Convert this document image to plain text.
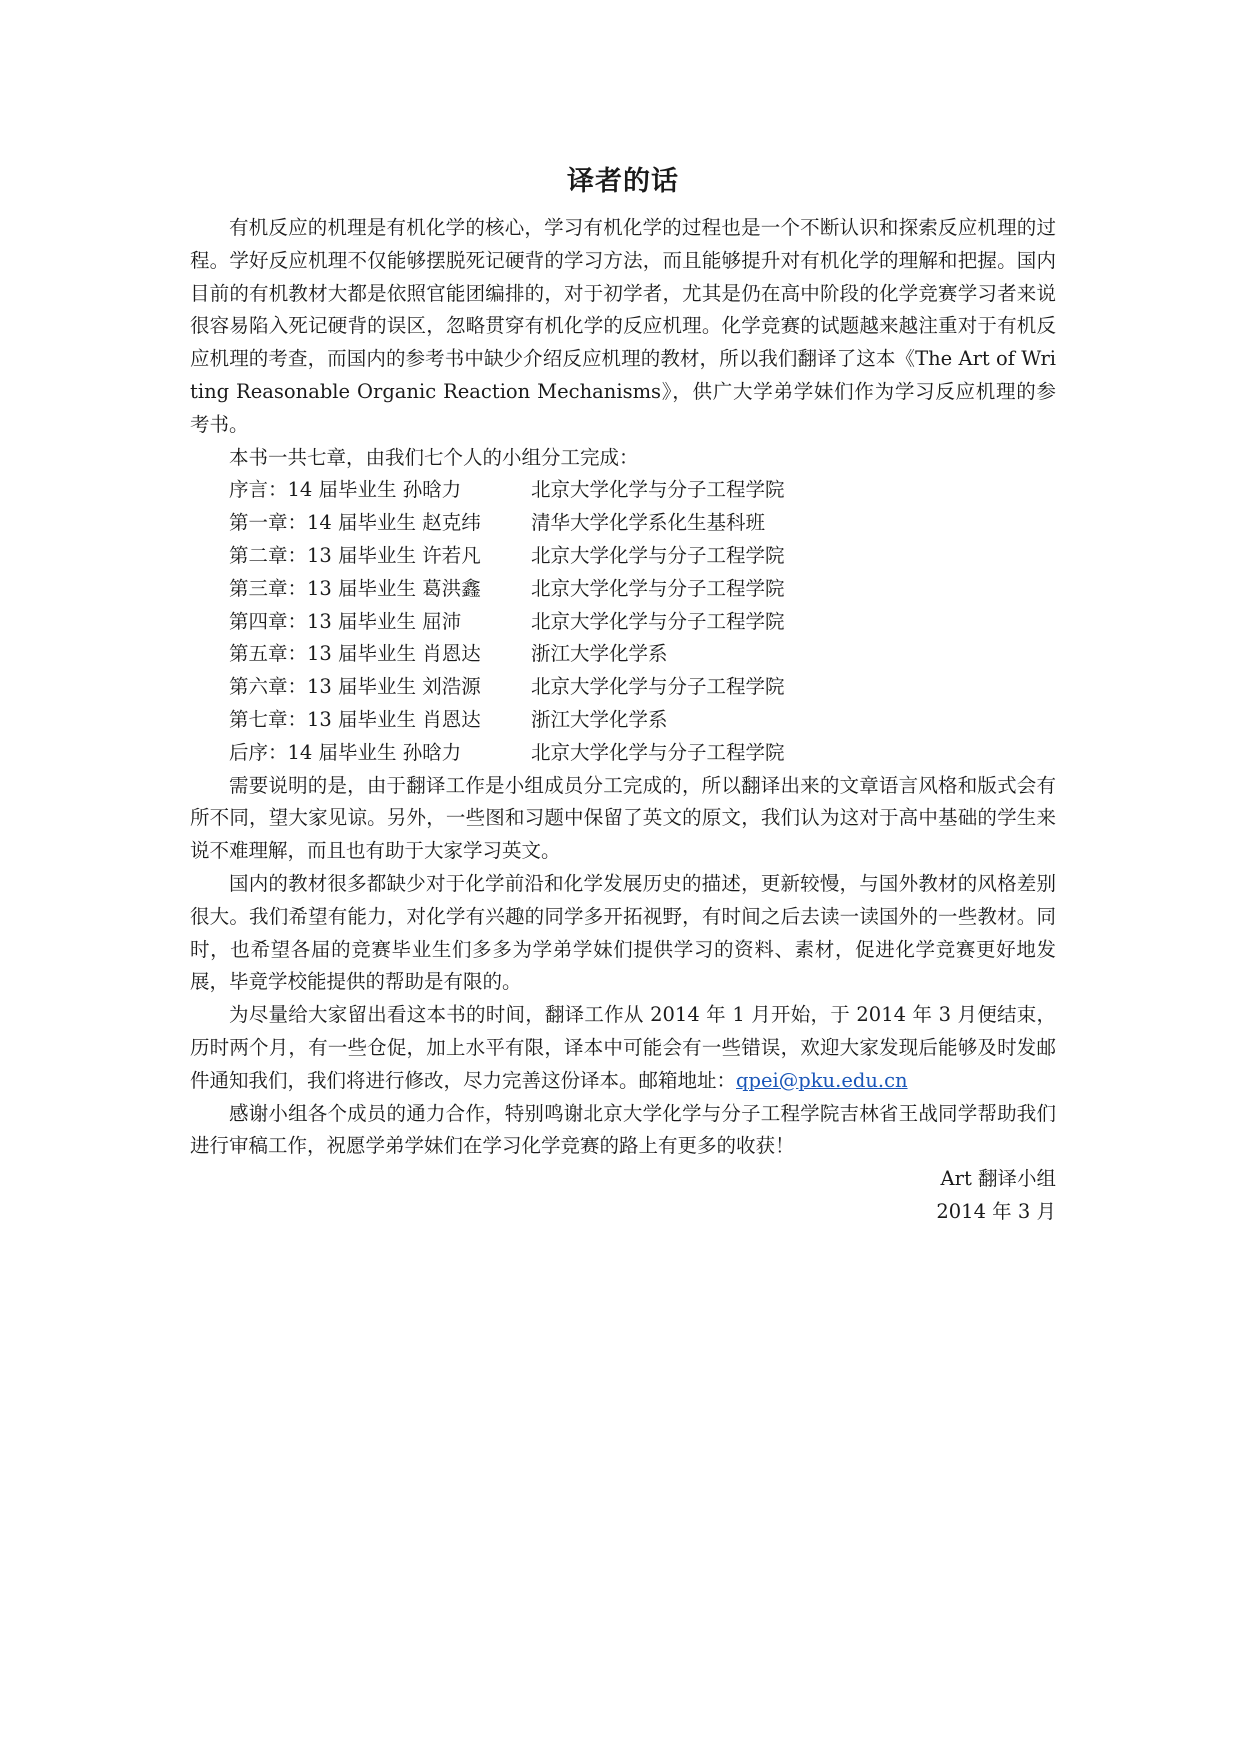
译者的话

有机反应的机理是有机化学的核心，学习有机化学的过程也是一个不断认识和探索反应机理的过程。学好反应机理不仅能够摆脱死记硬背的学习方法，而且能够提升对有机化学的理解和把握。国内目前的有机教材大都是依照官能团编排的，对于初学者，尤其是仍在高中阶段的化学竞赛学习者来说很容易陷入死记硬背的误区，忽略贯穿有机化学的反应机理。化学竞赛的试题越来越注重对于有机反应机理的考查，而国内的参考书中缺少介绍反应机理的教材，所以我们翻译了这本《The Art of Writing Reasonable Organic Reaction Mechanisms》，供广大学弟学妹们作为学习反应机理的参考书。

本书一共七章，由我们七个人的小组分工完成：

序言：14 届毕业生 孙晗力	北京大学化学与分子工程学院
第一章：14 届毕业生 赵克纬	清华大学化学系化生基科班
第二章：13 届毕业生 许若凡	北京大学化学与分子工程学院
第三章：13 届毕业生 葛洪鑫	北京大学化学与分子工程学院
第四章：13 届毕业生 屈沛	北京大学化学与分子工程学院
第五章：13 届毕业生 肖恩达	浙江大学化学系
第六章：13 届毕业生 刘浩源	北京大学化学与分子工程学院
第七章：13 届毕业生 肖恩达	浙江大学化学系
后序：14 届毕业生 孙晗力	北京大学化学与分子工程学院

需要说明的是，由于翻译工作是小组成员分工完成的，所以翻译出来的文章语言风格和版式会有所不同，望大家见谅。另外，一些图和习题中保留了英文的原文，我们认为这对于高中基础的学生来说不难理解，而且也有助于大家学习英文。

国内的教材很多都缺少对于化学前沿和化学发展历史的描述，更新较慢，与国外教材的风格差别很大。我们希望有能力，对化学有兴趣的同学多开拓视野，有时间之后去读一读国外的一些教材。同时，也希望各届的竞赛毕业生们多多为学弟学妹们提供学习的资料、素材，促进化学竞赛更好地发展，毕竟学校能提供的帮助是有限的。

为尽量给大家留出看这本书的时间，翻译工作从 2014 年 1 月开始，于 2014 年 3 月便结束，历时两个月，有一些仓促，加上水平有限，译本中可能会有一些错误，欢迎大家发现后能够及时发邮件通知我们，我们将进行修改，尽力完善这份译本。邮箱地址：qpei@pku.edu.cn

感谢小组各个成员的通力合作，特别鸣谢北京大学化学与分子工程学院吉林省王战同学帮助我们进行审稿工作，祝愿学弟学妹们在学习化学竞赛的路上有更多的收获！

Art 翻译小组

2014 年 3 月
